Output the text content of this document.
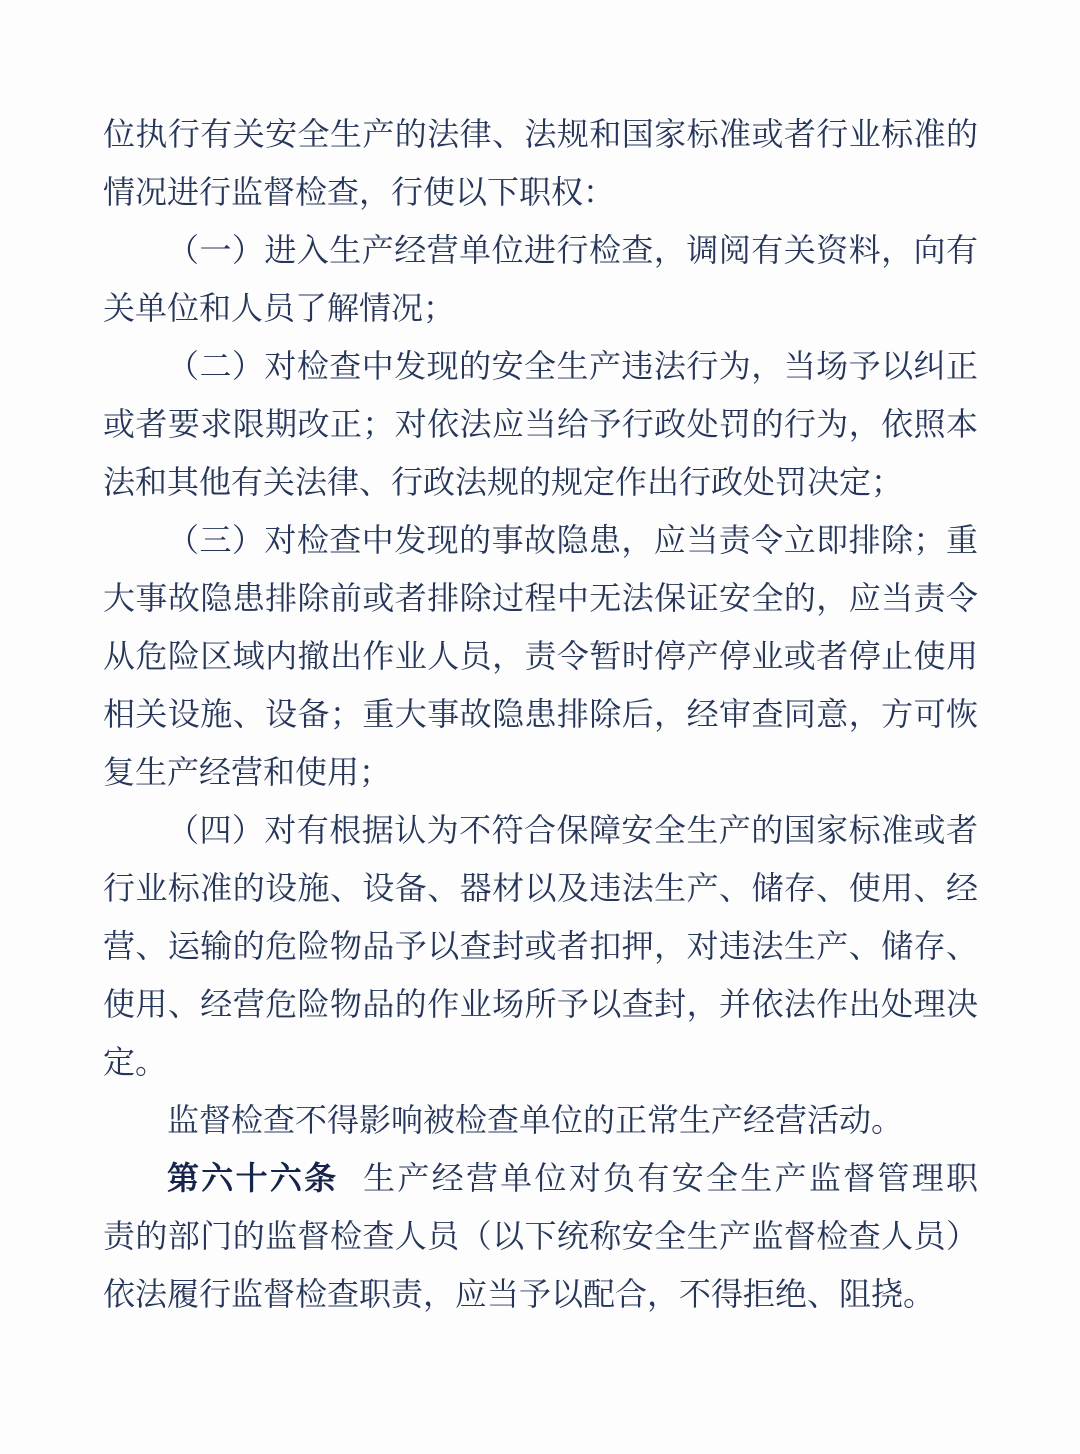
位执行有关安全生产的法律、法规和国家标准或者行业标准的
情况进行监督检查，行使以下职权：
（一）进入生产经营单位进行检查，调阅有关资料，向有
关单位和人员了解情况；
（二）对检查中发现的安全生产违法行为，当场予以纠正
或者要求限期改正；对依法应当给予行政处罚的行为，依照本
法和其他有关法律、行政法规的规定作出行政处罚决定；
（三）对检查中发现的事故隐患，应当责令立即排除；重
大事故隐患排除前或者排除过程中无法保证安全的，应当责令
从危险区域内撤出作业人员，责令暂时停产停业或者停止使用
相关设施、设备；重大事故隐患排除后，经审查同意，方可恢
复生产经营和使用；
（四）对有根据认为不符合保障安全生产的国家标准或者
行业标准的设施、设备、器材以及违法生产、储存、使用、经
营、运输的危险物品予以查封或者扣押，对违法生产、储存、
使用、经营危险物品的作业场所予以查封，并依法作出处理决
定。
监督检查不得影响被检查单位的正常生产经营活动。
第六十六条 生产经营单位对负有安全生产监督管理职
责的部门的监督检查人员（以下统称安全生产监督检查人员）
依法履行监督检查职责，应当予以配合，不得拒绝、阻挠。
